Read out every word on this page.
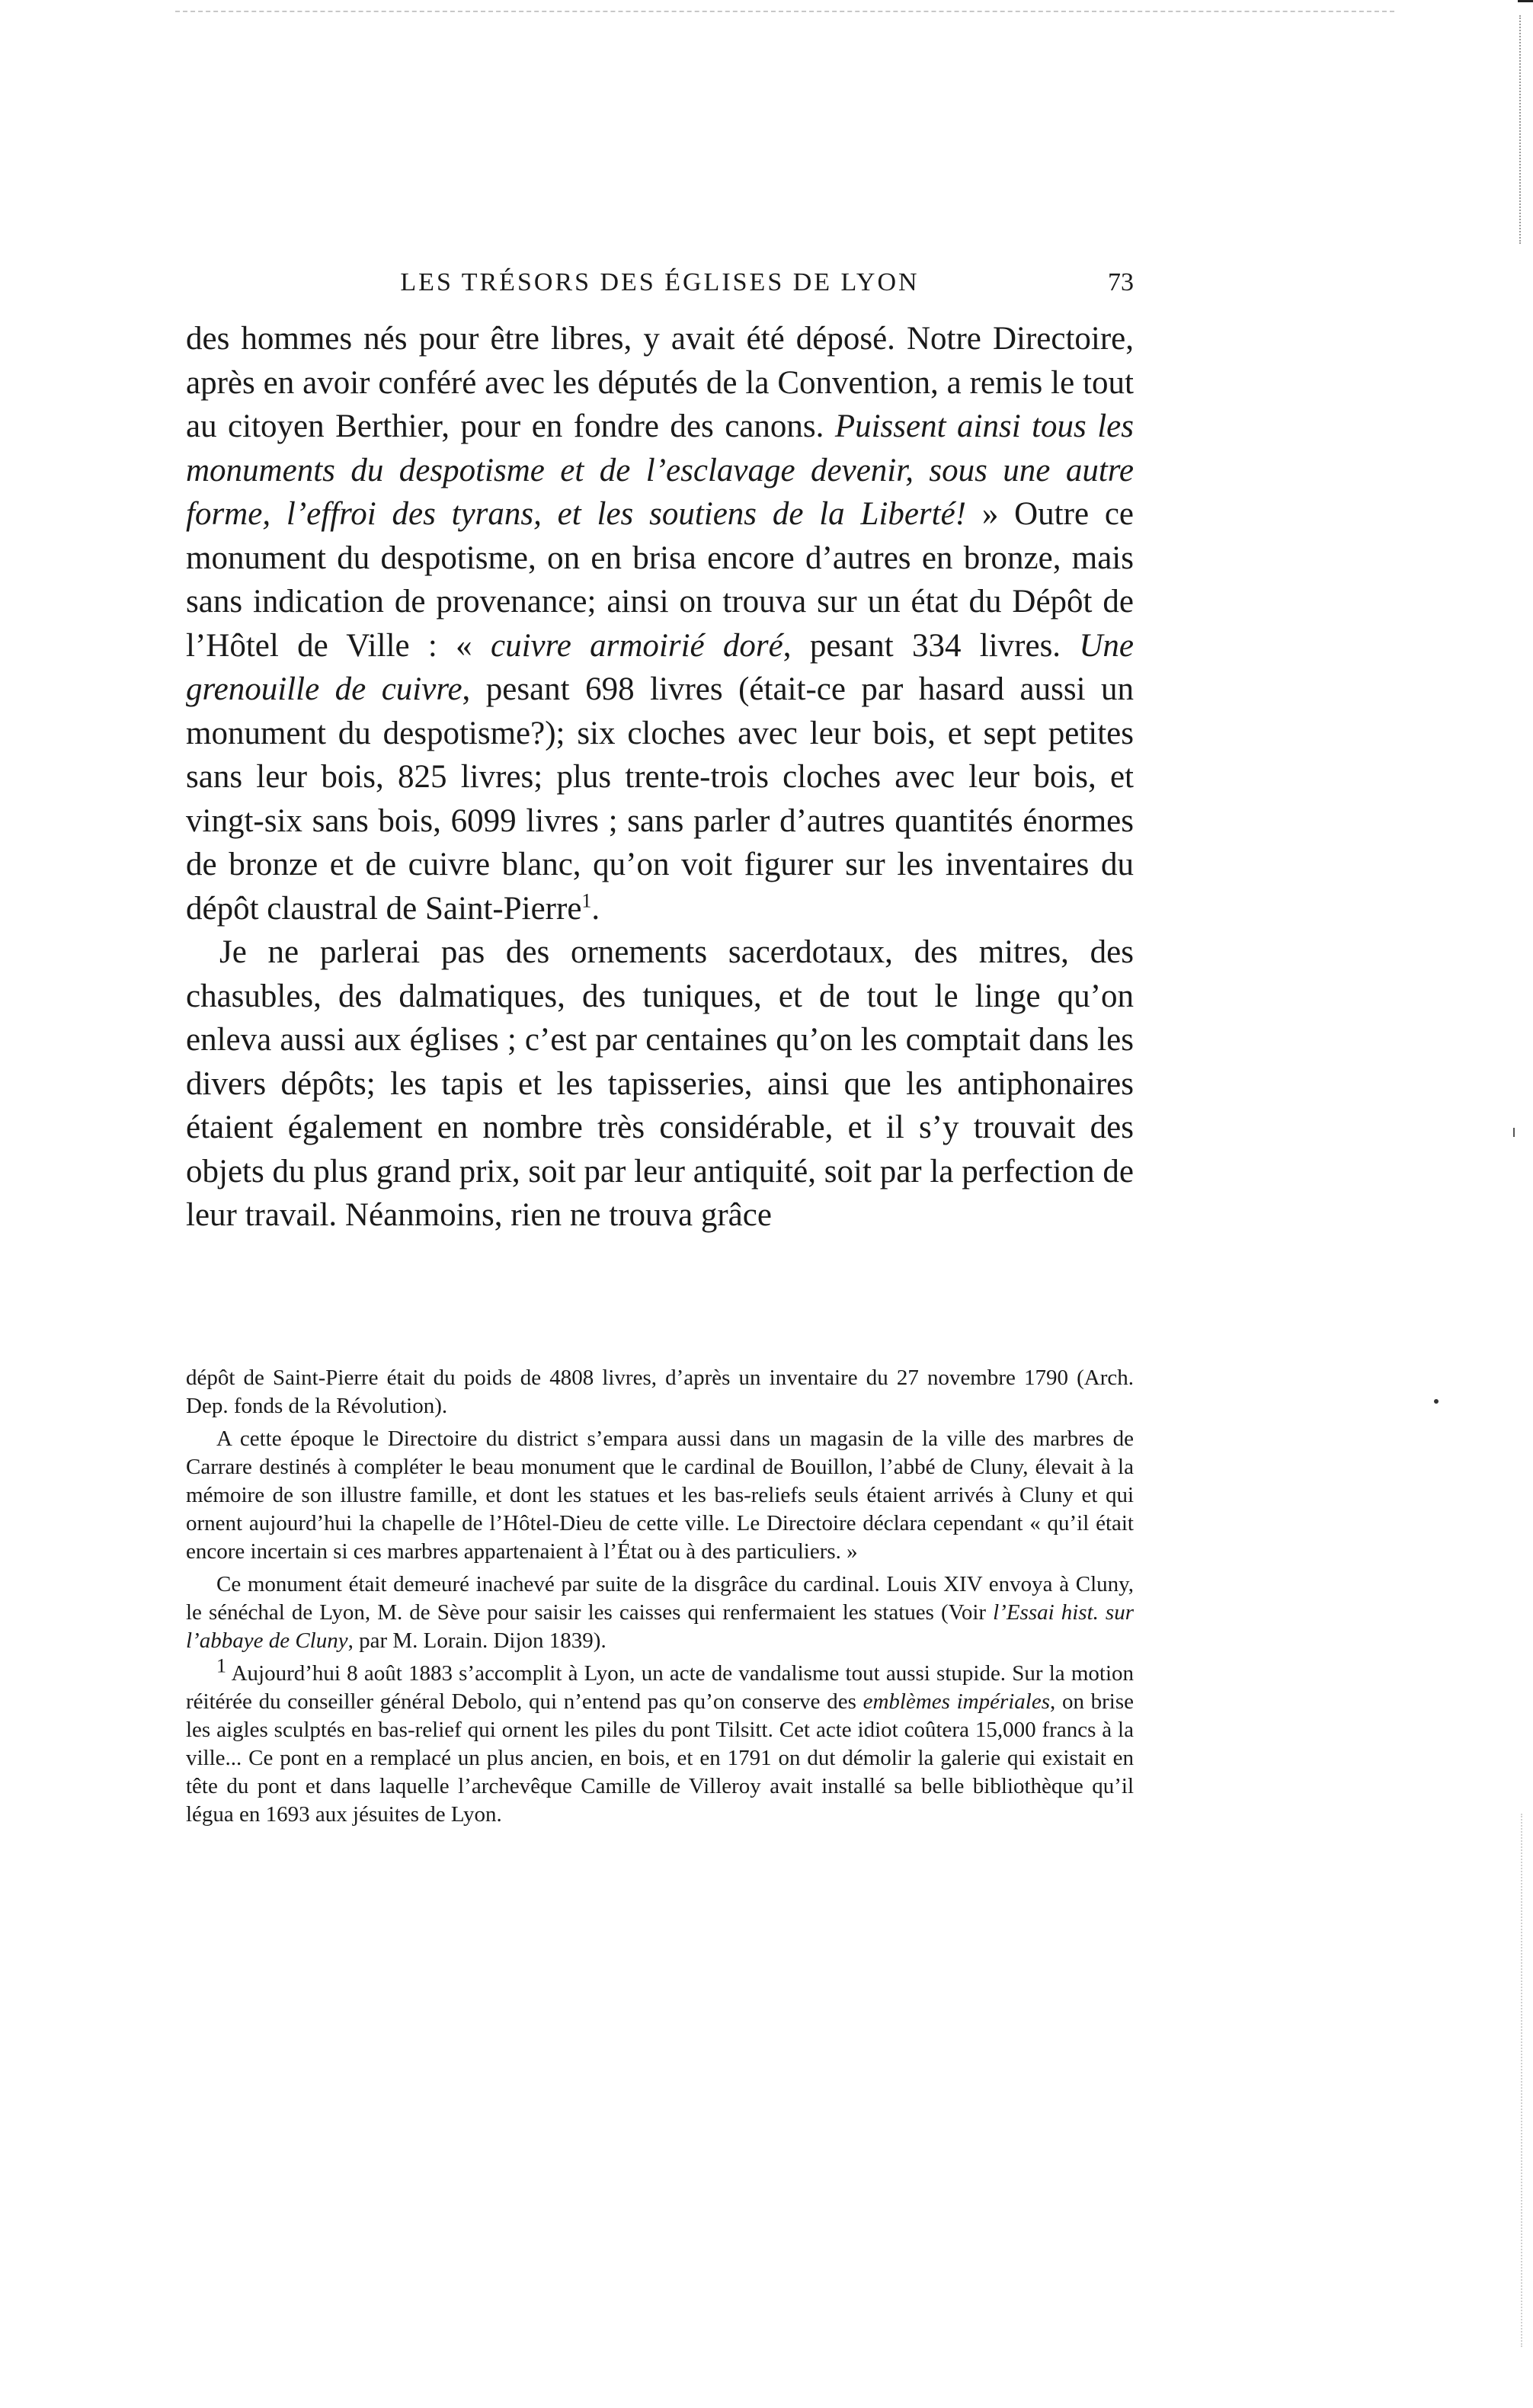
LES TRÉSORS DES ÉGLISES DE LYON	73

des hommes nés pour être libres, y avait été déposé. Notre Directoire, après en avoir conféré avec les députés de la Convention, a remis le tout au citoyen Berthier, pour en fondre des canons. Puissent ainsi tous les monuments du despotisme et de l’esclavage devenir, sous une autre forme, l’effroi des tyrans, et les soutiens de la Liberté! » Outre ce monument du despotisme, on en brisa encore d’autres en bronze, mais sans indication de provenance; ainsi on trouva sur un état du Dépôt de l’Hôtel de Ville : « cuivre armoirié doré, pesant 334 livres. Une grenouille de cuivre, pesant 698 livres (était-ce par hasard aussi un monument du despotisme?); six cloches avec leur bois, et sept petites sans leur bois, 825 livres; plus trente-trois cloches avec leur bois, et vingt-six sans bois, 6099 livres ; sans parler d’autres quantités énormes de bronze et de cuivre blanc, qu’on voit figurer sur les inventaires du dépôt claustral de Saint-Pierre$^1$.

Je ne parlerai pas des ornements sacerdotaux, des mitres, des chasubles, des dalmatiques, des tuniques, et de tout le linge qu’on enleva aussi aux églises ; c’est par centaines qu’on les comptait dans les divers dépôts; les tapis et les tapisseries, ainsi que les antiphonaires étaient également en nombre très considérable, et il s’y trouvait des objets du plus grand prix, soit par leur antiquité, soit par la perfection de leur travail. Néanmoins, rien ne trouva grâce

dépôt de Saint-Pierre était du poids de 4808 livres, d’après un inventaire du 27 novembre 1790 (Arch. Dep. fonds de la Révolution).

A cette époque le Directoire du district s’empara aussi dans un magasin de la ville des marbres de Carrare destinés à compléter le beau monument que le cardinal de Bouillon, l’abbé de Cluny, élevait à la mémoire de son illustre famille, et dont les statues et les bas-reliefs seuls étaient arrivés à Cluny et qui ornent aujourd’hui la chapelle de l’Hôtel-Dieu de cette ville. Le Directoire déclara cependant « qu’il était encore incertain si ces marbres appartenaient à l’État ou à des particuliers. »

Ce monument était demeuré inachevé par suite de la disgrâce du cardinal. Louis XIV envoya à Cluny, le sénéchal de Lyon, M. de Sève pour saisir les caisses qui renfermaient les statues (Voir l’Essai hist. sur l’abbaye de Cluny, par M. Lorain. Dijon 1839).

$^1$ Aujourd’hui 8 août 1883 s’accomplit à Lyon, un acte de vandalisme tout aussi stupide. Sur la motion réitérée du conseiller général Debolo, qui n’entend pas qu’on conserve des emblèmes impériales, on brise les aigles sculptés en bas-relief qui ornent les piles du pont Tilsitt. Cet acte idiot coûtera 15,000 francs à la ville... Ce pont en a remplacé un plus ancien, en bois, et en 1791 on dut démolir la galerie qui existait en tête du pont et dans laquelle l’archevêque Camille de Villeroy avait installé sa belle bibliothèque qu’il légua en 1693 aux jésuites de Lyon.
